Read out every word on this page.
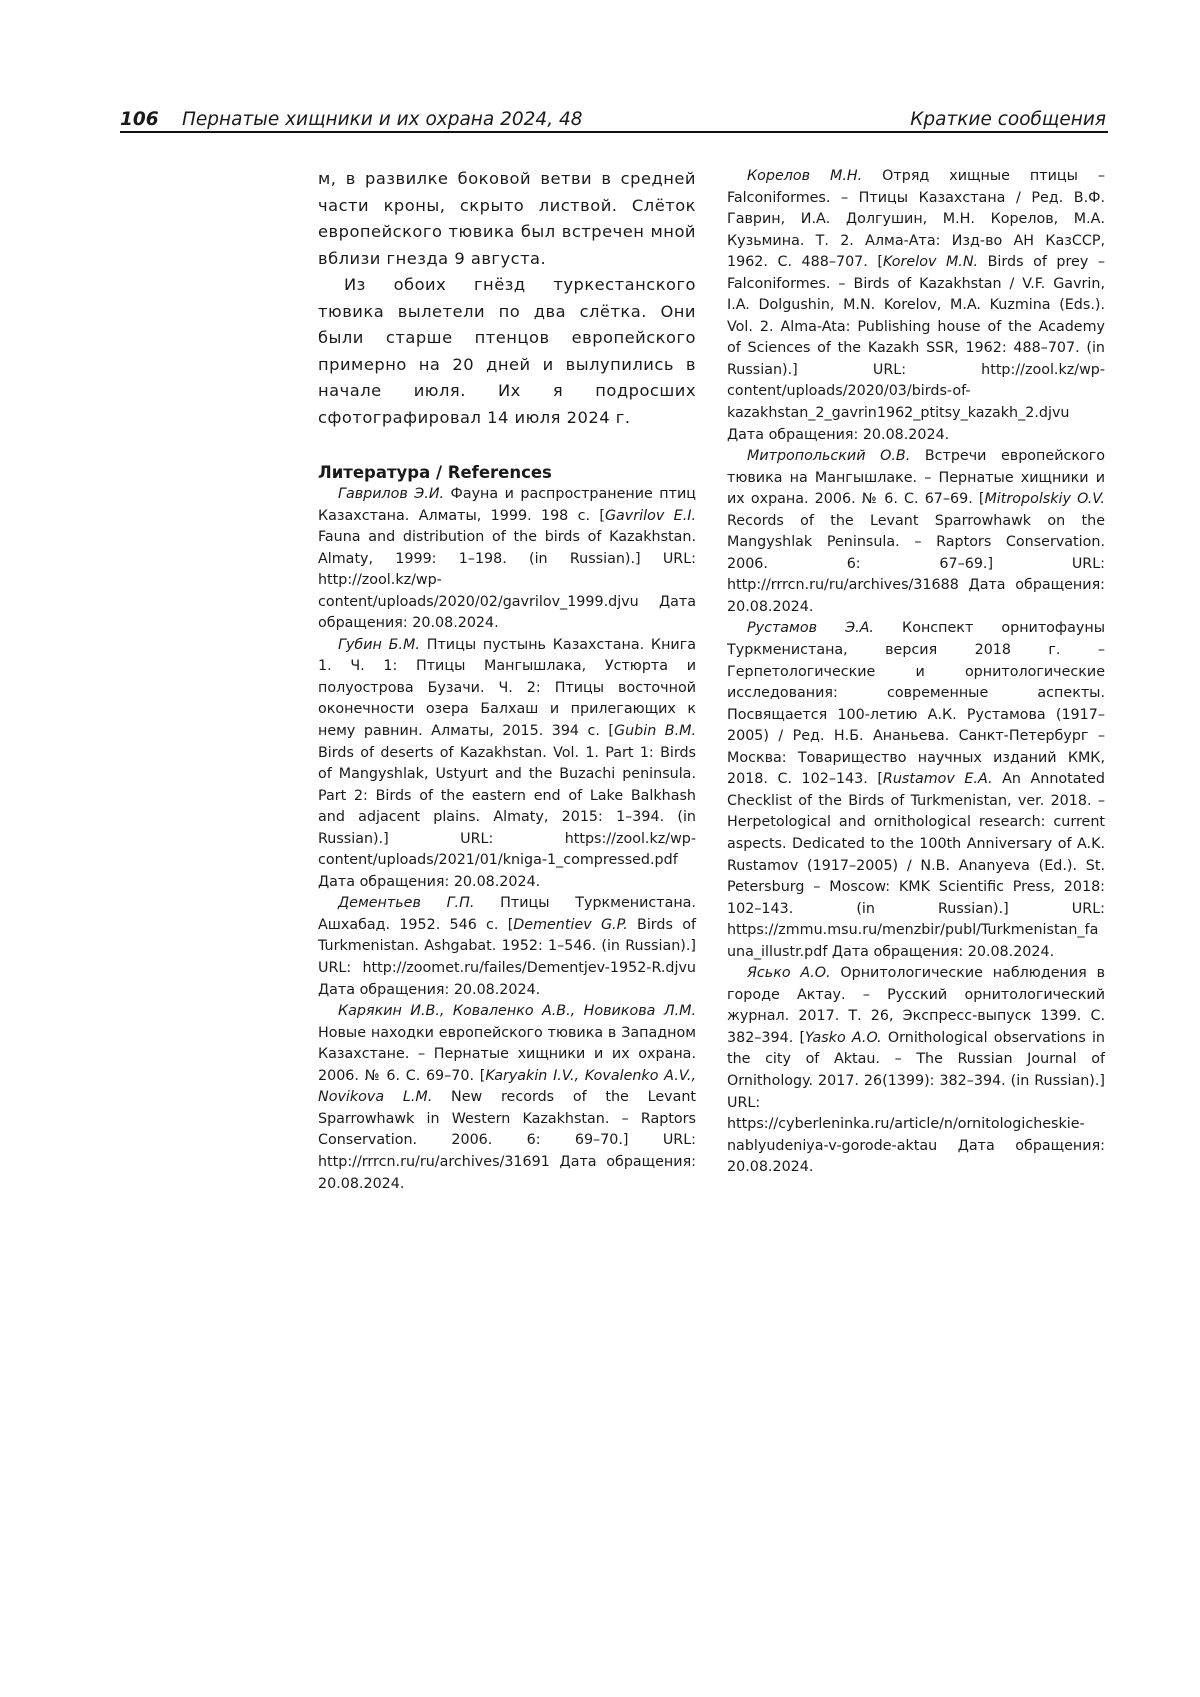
106 Пернатые хищники и их охрана 2024, 48	Краткие сообщения

м, в развилке боковой ветви в средней части кроны, скрыто листвой. Слёток европейского тювика был встречен мной вблизи гнезда 9 августа.

Из обоих гнёзд туркестанского тювика вылетели по два слётка. Они были старше птенцов европейского примерно на 20 дней и вылупились в начале июля. Их я подросших сфотографировал 14 июля 2024 г.

Литература / References

Гаврилов Э.И. Фауна и распространение птиц Казахстана. Алматы, 1999. 198 с. [Gavrilov E.I. Fauna and distribution of the birds of Kazakhstan. Almaty, 1999: 1–198. (in Russian).] URL: http://zool.kz/wp-content/uploads/2020/02/gavrilov_1999.djvu Дата обращения: 20.08.2024.

Губин Б.М. Птицы пустынь Казахстана. Книга 1. Ч. 1: Птицы Мангышлака, Устюрта и полуострова Бузачи. Ч. 2: Птицы восточной оконечности озера Балхаш и прилегающих к нему равнин. Алматы, 2015. 394 с. [Gubin B.M. Birds of deserts of Kazakhstan. Vol. 1. Part 1: Birds of Mangyshlak, Ustyurt and the Buzachi peninsula. Part 2: Birds of the eastern end of Lake Balkhash and adjacent plains. Almaty, 2015: 1–394. (in Russian).] URL: https://zool.kz/wp-content/uploads/2021/01/kniga-1_compressed.pdf Дата обращения: 20.08.2024.

Дементьев Г.П. Птицы Туркменистана. Ашхабад. 1952. 546 с. [Dementiev G.P. Birds of Turkmenistan. Ashgabat. 1952: 1–546. (in Russian).] URL: http://zoomet.ru/failes/Dementjev-1952-R.djvu Дата обращения: 20.08.2024.

Карякин И.В., Коваленко А.В., Новикова Л.М. Новые находки европейского тювика в Западном Казахстане. – Пернатые хищники и их охрана. 2006. № 6. С. 69–70. [Karyakin I.V., Kovalenko A.V., Novikova L.M. New records of the Levant Sparrowhawk in Western Kazakhstan. – Raptors Conservation. 2006. 6: 69–70.] URL: http://rrrcn.ru/ru/archives/31691 Дата обращения: 20.08.2024.

Корелов М.Н. Отряд хищные птицы – Falconiformes. – Птицы Казахстана / Ред. В.Ф. Гаврин, И.А. Долгушин, М.Н. Корелов, М.А. Кузьмина. Т. 2. Алма-Ата: Изд-во АН КазССР, 1962. С. 488–707. [Korelov M.N. Birds of prey – Falconiformes. – Birds of Kazakhstan / V.F. Gavrin, I.A. Dolgushin, M.N. Korelov, M.A. Kuzmina (Eds.). Vol. 2. Alma-Ata: Publishing house of the Academy of Sciences of the Kazakh SSR, 1962: 488–707. (in Russian).] URL: http://zool.kz/wp-content/uploads/2020/03/birds-of-kazakhstan_2_gavrin1962_ptitsy_kazakh_2.djvu Дата обращения: 20.08.2024.

Митропольский О.В. Встречи европейского тювика на Мангышлаке. – Пернатые хищники и их охрана. 2006. № 6. С. 67–69. [Mitropolskiy O.V. Records of the Levant Sparrowhawk on the Mangyshlak Peninsula. – Raptors Conservation. 2006. 6: 67–69.] URL: http://rrrcn.ru/ru/archives/31688 Дата обращения: 20.08.2024.

Рустамов Э.А. Конспект орнитофауны Туркменистана, версия 2018 г. – Герпетологические и орнитологические исследования: современные аспекты. Посвящается 100-летию А.К. Рустамова (1917–2005) / Ред. Н.Б. Ананьева. Санкт-Петербург – Москва: Товарищество научных изданий КМК, 2018. С. 102–143. [Rustamov E.A. An Annotated Checklist of the Birds of Turkmenistan, ver. 2018. – Herpetological and ornithological research: current aspects. Dedicated to the 100th Anniversary of A.K. Rustamov (1917–2005) / N.B. Ananyeva (Ed.). St. Petersburg – Moscow: KMK Scientific Press, 2018: 102–143. (in Russian).] URL: https://zmmu.msu.ru/menzbir/publ/Turkmenistan_fauna_illustr.pdf Дата обращения: 20.08.2024.

Ясько А.О. Орнитологические наблюдения в городе Актау. – Русский орнитологический журнал. 2017. Т. 26, Экспресс-выпуск 1399. С. 382–394. [Yasko A.O. Ornithological observations in the city of Aktau. – The Russian Journal of Ornithology. 2017. 26(1399): 382–394. (in Russian).] URL: https://cyberleninka.ru/article/n/ornitologicheskie-nablyudeniya-v-gorode-aktau Дата обращения: 20.08.2024.
